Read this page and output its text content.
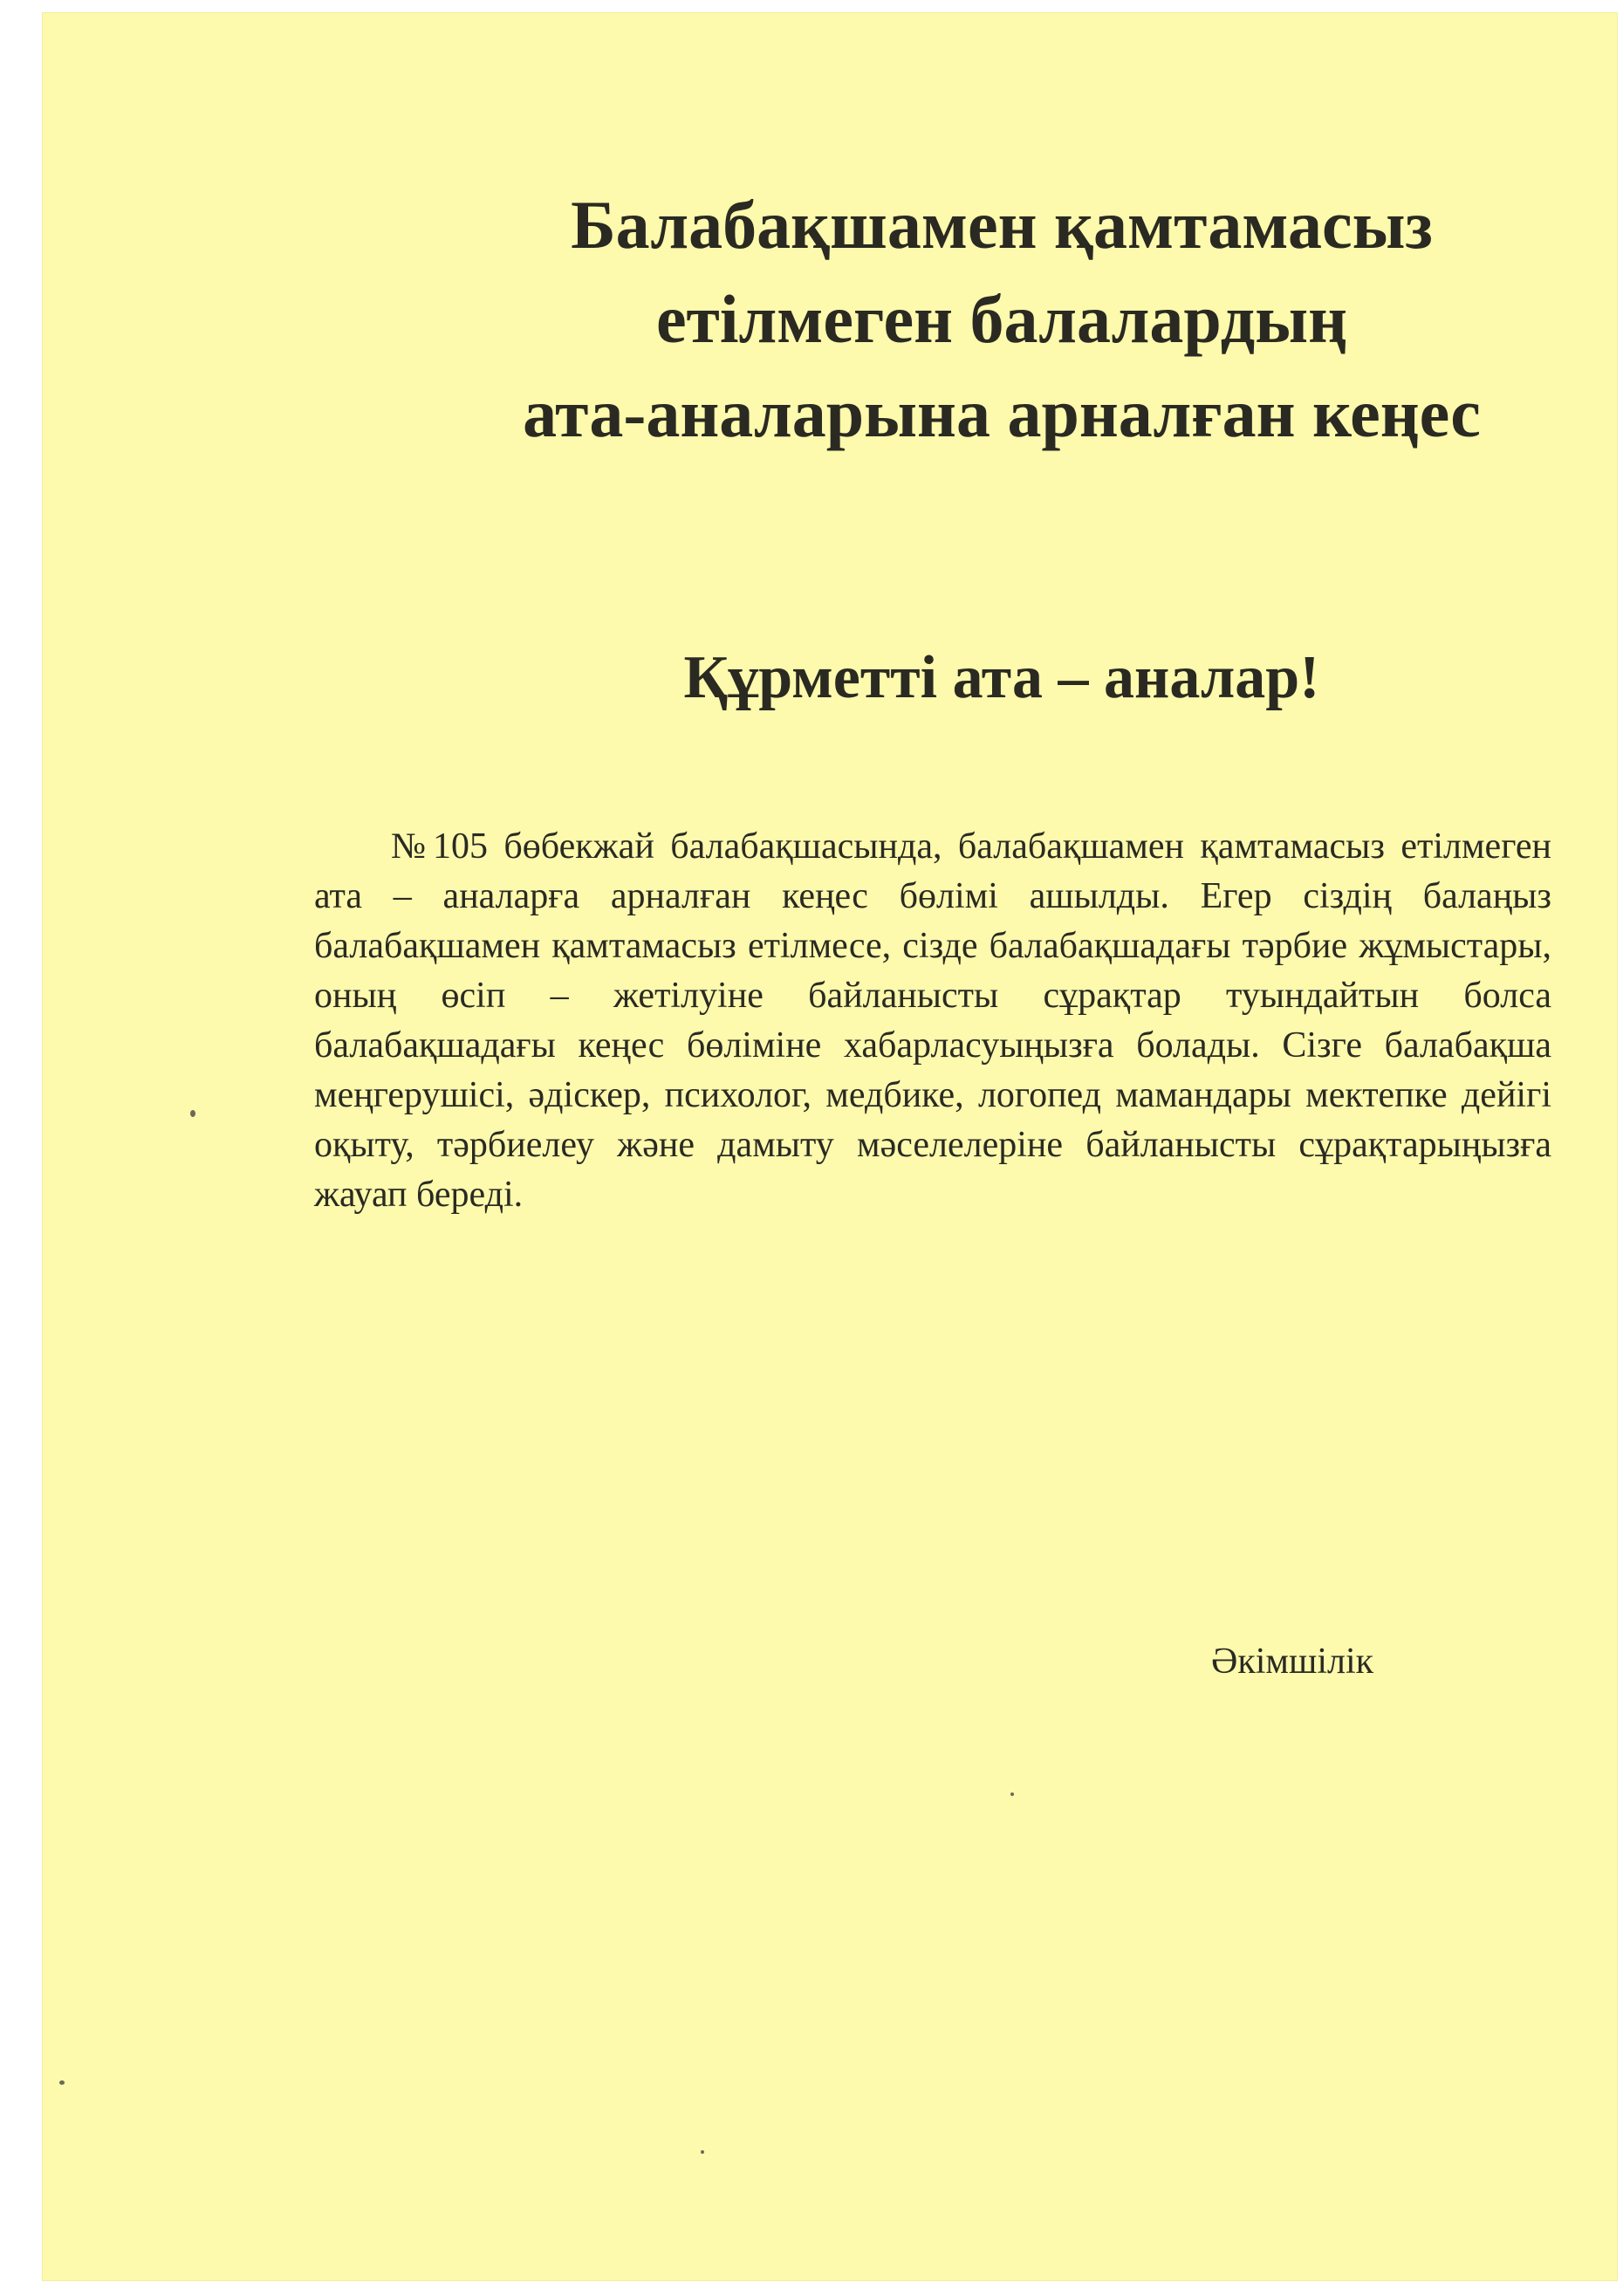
Балабақшамен қамтамасыз
етілмеген балалардың
ата-аналарына арналған кеңес
Құрметті ата – аналар!

№105 бөбекжай балабақшасында, балабақшамен қамтамасыз етілмеген ата – аналарға арналған кеңес бөлімі ашылды. Егер сіздің балаңыз балабақшамен қамтамасыз етілмесе, сізде балабақшадағы тәрбие жұмыстары, оның өсіп – жетілуіне байланысты сұрақтар туындайтын болса балабақшадағы кеңес бөліміне хабарласуыңызға болады. Сізге балабақша меңгерушісі, әдіскер, психолог, медбике, логопед мамандары мектепке дейігі оқыту, тәрбиелеу және дамыту мәселелеріне байланысты сұрақтарыңызға жауап береді.

Әкімшілік
